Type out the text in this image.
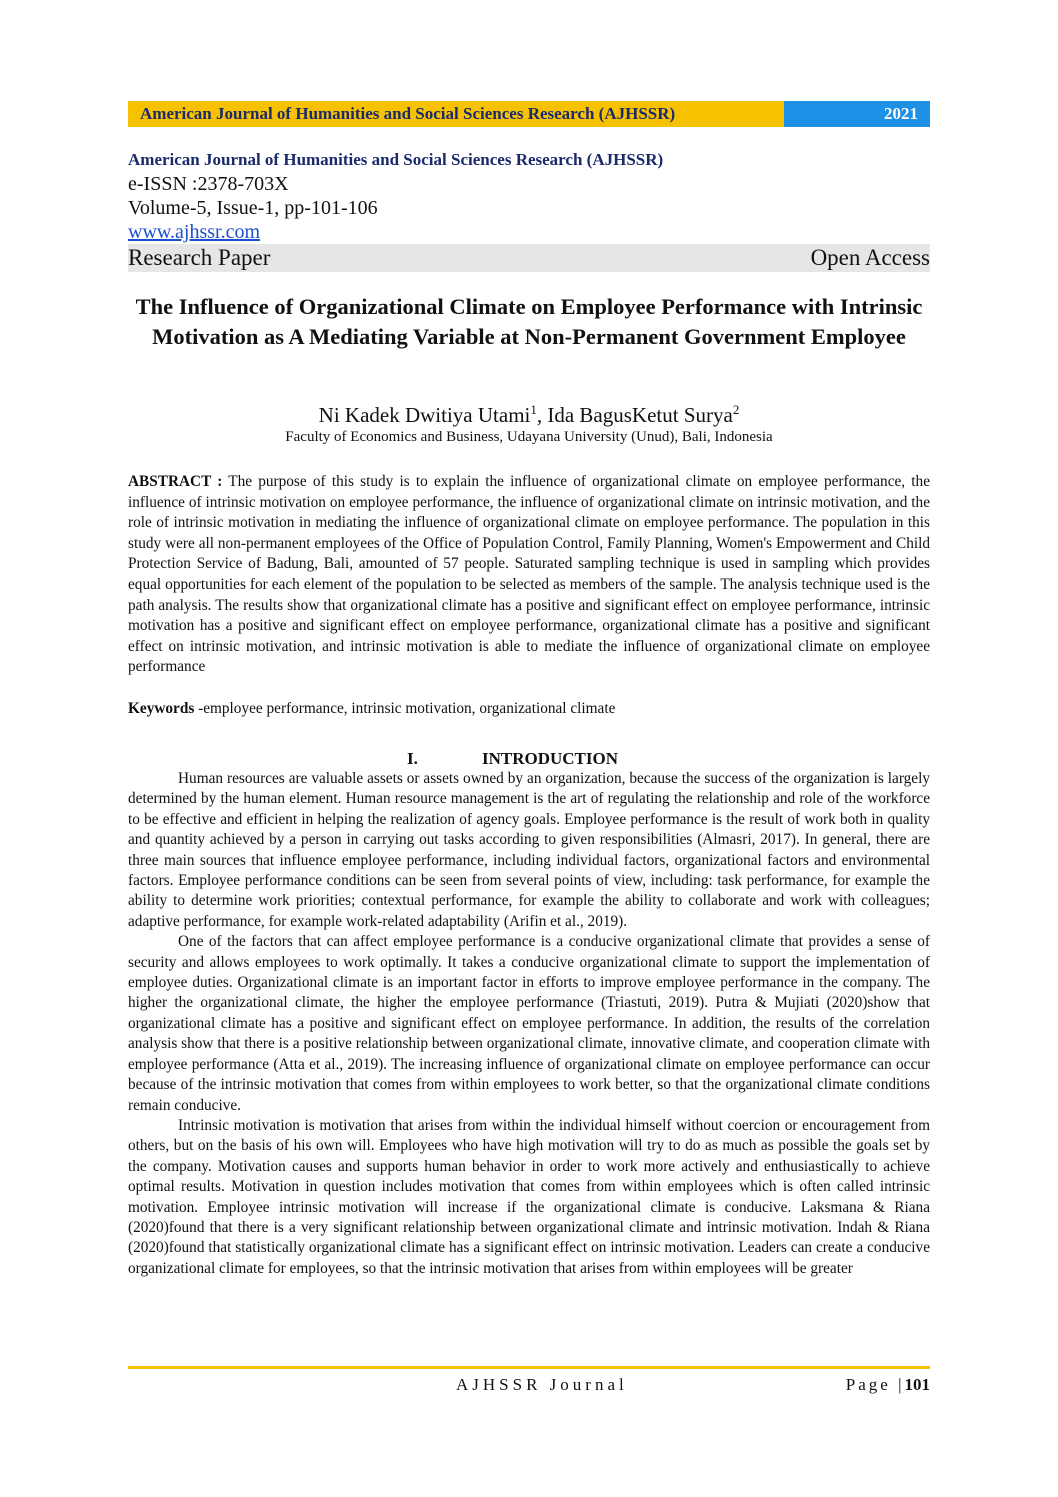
American Journal of Humanities and Social Sciences Research (AJHSSR)	2021
American Journal of Humanities and Social Sciences Research (AJHSSR)
e-ISSN :2378-703X
Volume-5, Issue-1, pp-101-106
www.ajhssr.com
Research Paper	Open Access
The Influence of Organizational Climate on Employee Performance with Intrinsic Motivation as A Mediating Variable at Non-Permanent Government Employee
Ni Kadek Dwitiya Utami$^1$, Ida BagusKetut Surya$^2$
Faculty of Economics and Business, Udayana University (Unud), Bali, Indonesia
ABSTRACT : The purpose of this study is to explain the influence of organizational climate on employee performance, the influence of intrinsic motivation on employee performance, the influence of organizational climate on intrinsic motivation, and the role of intrinsic motivation in mediating the influence of organizational climate on employee performance. The population in this study were all non-permanent employees of the Office of Population Control, Family Planning, Women's Empowerment and Child Protection Service of Badung, Bali, amounted of 57 people. Saturated sampling technique is used in sampling which provides equal opportunities for each element of the population to be selected as members of the sample. The analysis technique used is the path analysis. The results show that organizational climate has a positive and significant effect on employee performance, intrinsic motivation has a positive and significant effect on employee performance, organizational climate has a positive and significant effect on intrinsic motivation, and intrinsic motivation is able to mediate the influence of organizational climate on employee performance
Keywords -employee performance, intrinsic motivation, organizational climate
I.	INTRODUCTION

Human resources are valuable assets or assets owned by an organization, because the success of the organization is largely determined by the human element. Human resource management is the art of regulating the relationship and role of the workforce to be effective and efficient in helping the realization of agency goals. Employee performance is the result of work both in quality and quantity achieved by a person in carrying out tasks according to given responsibilities (Almasri, 2017). In general, there are three main sources that influence employee performance, including individual factors, organizational factors and environmental factors. Employee performance conditions can be seen from several points of view, including: task performance, for example the ability to determine work priorities; contextual performance, for example the ability to collaborate and work with colleagues; adaptive performance, for example work-related adaptability (Arifin et al., 2019).

One of the factors that can affect employee performance is a conducive organizational climate that provides a sense of security and allows employees to work optimally. It takes a conducive organizational climate to support the implementation of employee duties. Organizational climate is an important factor in efforts to improve employee performance in the company. The higher the organizational climate, the higher the employee performance (Triastuti, 2019). Putra & Mujiati (2020)show that organizational climate has a positive and significant effect on employee performance. In addition, the results of the correlation analysis show that there is a positive relationship between organizational climate, innovative climate, and cooperation climate with employee performance (Atta et al., 2019). The increasing influence of organizational climate on employee performance can occur because of the intrinsic motivation that comes from within employees to work better, so that the organizational climate conditions remain conducive.

Intrinsic motivation is motivation that arises from within the individual himself without coercion or encouragement from others, but on the basis of his own will. Employees who have high motivation will try to do as much as possible the goals set by the company. Motivation causes and supports human behavior in order to work more actively and enthusiastically to achieve optimal results. Motivation in question includes motivation that comes from within employees which is often called intrinsic motivation. Employee intrinsic motivation will increase if the organizational climate is conducive. Laksmana & Riana (2020)found that there is a very significant relationship between organizational climate and intrinsic motivation. Indah & Riana (2020)found that statistically organizational climate has a significant effect on intrinsic motivation. Leaders can create a conducive organizational climate for employees, so that the intrinsic motivation that arises from within employees will be greater

AJHSSR Journal	Page |101
